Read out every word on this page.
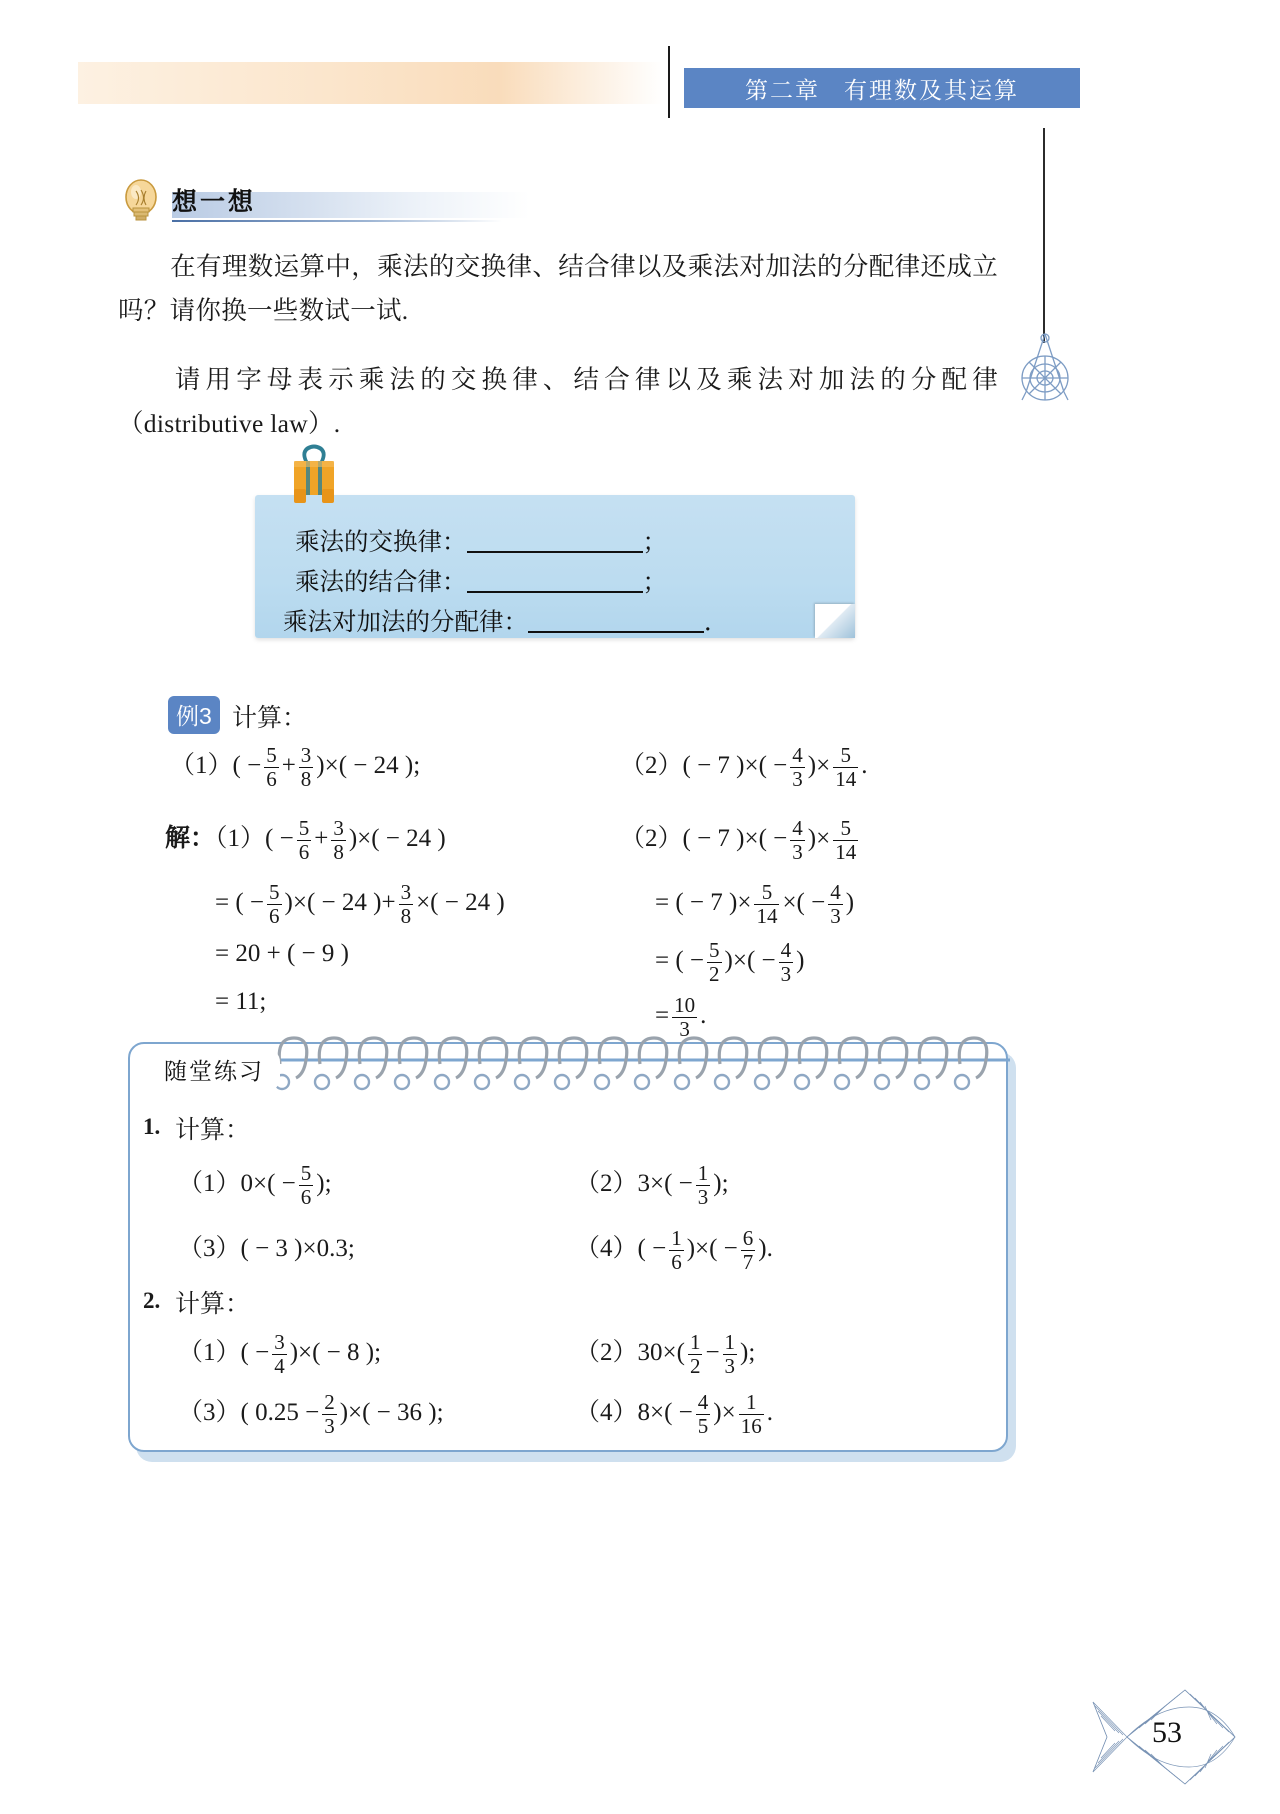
第二章 有理数及其运算
想一想
在有理数运算中，乘法的交换律、结合律以及乘法对加法的分配律还成立吗？请你换一些数试一试.
请用字母表示乘法的交换律、结合律以及乘法对加法的分配律（distributive law）.
乘法的交换律：	；
乘法的结合律：	；
乘法对加法的分配律：	．
例3 计算：
$(1)( - \frac{5}{6} + \frac{3}{8}$ )×( − 24 );	（2）( − 7 )×( − $\frac{4}{3}$ )× $\frac{5}{14}$ .
解：$(1)( - \frac{5}{6} + \frac{3}{8}$ )×( − 24 )
= ( − $\frac{5}{6}$ )×( − 24 )+ $\frac{3}{8}$ ×( − 24 )
= 20 + ( − 9 )
= 11;
（2）( − 7 )×( − $\frac{4}{3}$ )× $\frac{5}{14}$
= ( − 7 )× $\frac{5}{14}$ ×( − $\frac{4}{3}$ )
= ( − $\frac{5}{2}$ )×( − $\frac{4}{3}$ )
= $\frac{10}{3}$ .
随堂练习
1. 计算：
$(1)0\times( - \frac{5}{6}$ );	$(2)3\times( - \frac{1}{3}$ );
（3）( − 3 )×0.3;	$(4)( - \frac{1}{6}$ )×( − $\frac{6}{7}$ ).
2. 计算：
$(1)( - \frac{3}{4}$ )×( − 8 );	$(2)30\times( \frac{1}{2} - \frac{1}{3}$ );
（3）( $0.25 - \frac{2}{3}$ )×( − 36 );	$(4)8\times( - \frac{4}{5}$ )× $\frac{1}{16}$ .
53
